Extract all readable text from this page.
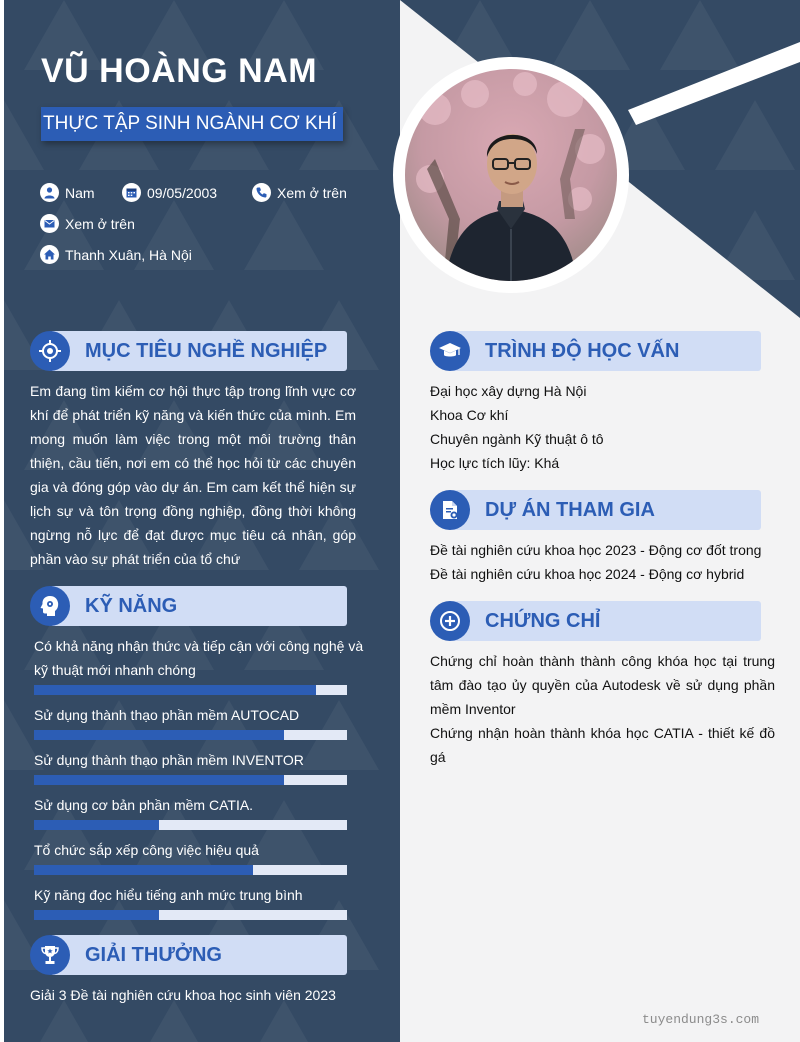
VŨ HOÀNG NAM
THỰC TẬP SINH NGÀNH CƠ KHÍ
Nam	09/05/2003	Xem ở trên
Xem ở trên
Thanh Xuân, Hà Nội
MỤC TIÊU NGHỀ NGHIỆP
Em đang tìm kiếm cơ hội thực tập trong lĩnh vực cơ
khí để phát triển kỹ năng và kiến thức của mình. Em
mong muốn làm việc trong một môi trường thân
thiện, cầu tiến, nơi em có thể học hỏi từ các chuyên
gia và đóng góp vào dự án. Em cam kết thể hiện sự
lịch sự và tôn trọng đồng nghiệp, đồng thời không
ngừng nỗ lực để đạt được mục tiêu cá nhân, góp
phần vào sự phát triển của tổ chứ
KỸ NĂNG
Có khả năng nhận thức và tiếp cận với công nghệ và kỹ thuật mới nhanh chóng
Sử dụng thành thạo phần mềm AUTOCAD
Sử dụng thành thạo phần mềm INVENTOR
Sử dụng cơ bản phần mềm CATIA.
Tổ chức sắp xếp công việc hiệu quả
Kỹ năng đọc hiểu tiếng anh mức trung bình
GIẢI THƯỞNG
Giải 3 Đề tài nghiên cứu khoa học sinh viên 2023
TRÌNH ĐỘ HỌC VẤN
Đại học xây dựng Hà Nội
Khoa Cơ khí
Chuyên ngành Kỹ thuật ô tô
Học lực tích lũy: Khá
DỰ ÁN THAM GIA
Đề tài nghiên cứu khoa học 2023 - Động cơ đốt trong
Đề tài nghiên cứu khoa học 2024 - Động cơ hybrid
CHỨNG CHỈ
Chứng chỉ hoàn thành thành công khóa học tại trung
tâm đào tạo ủy quyền của Autodesk về sử dụng phần
mềm Inventor
Chứng nhận hoàn thành khóa học CATIA - thiết kế đồ
gá
tuyendung3s.com
